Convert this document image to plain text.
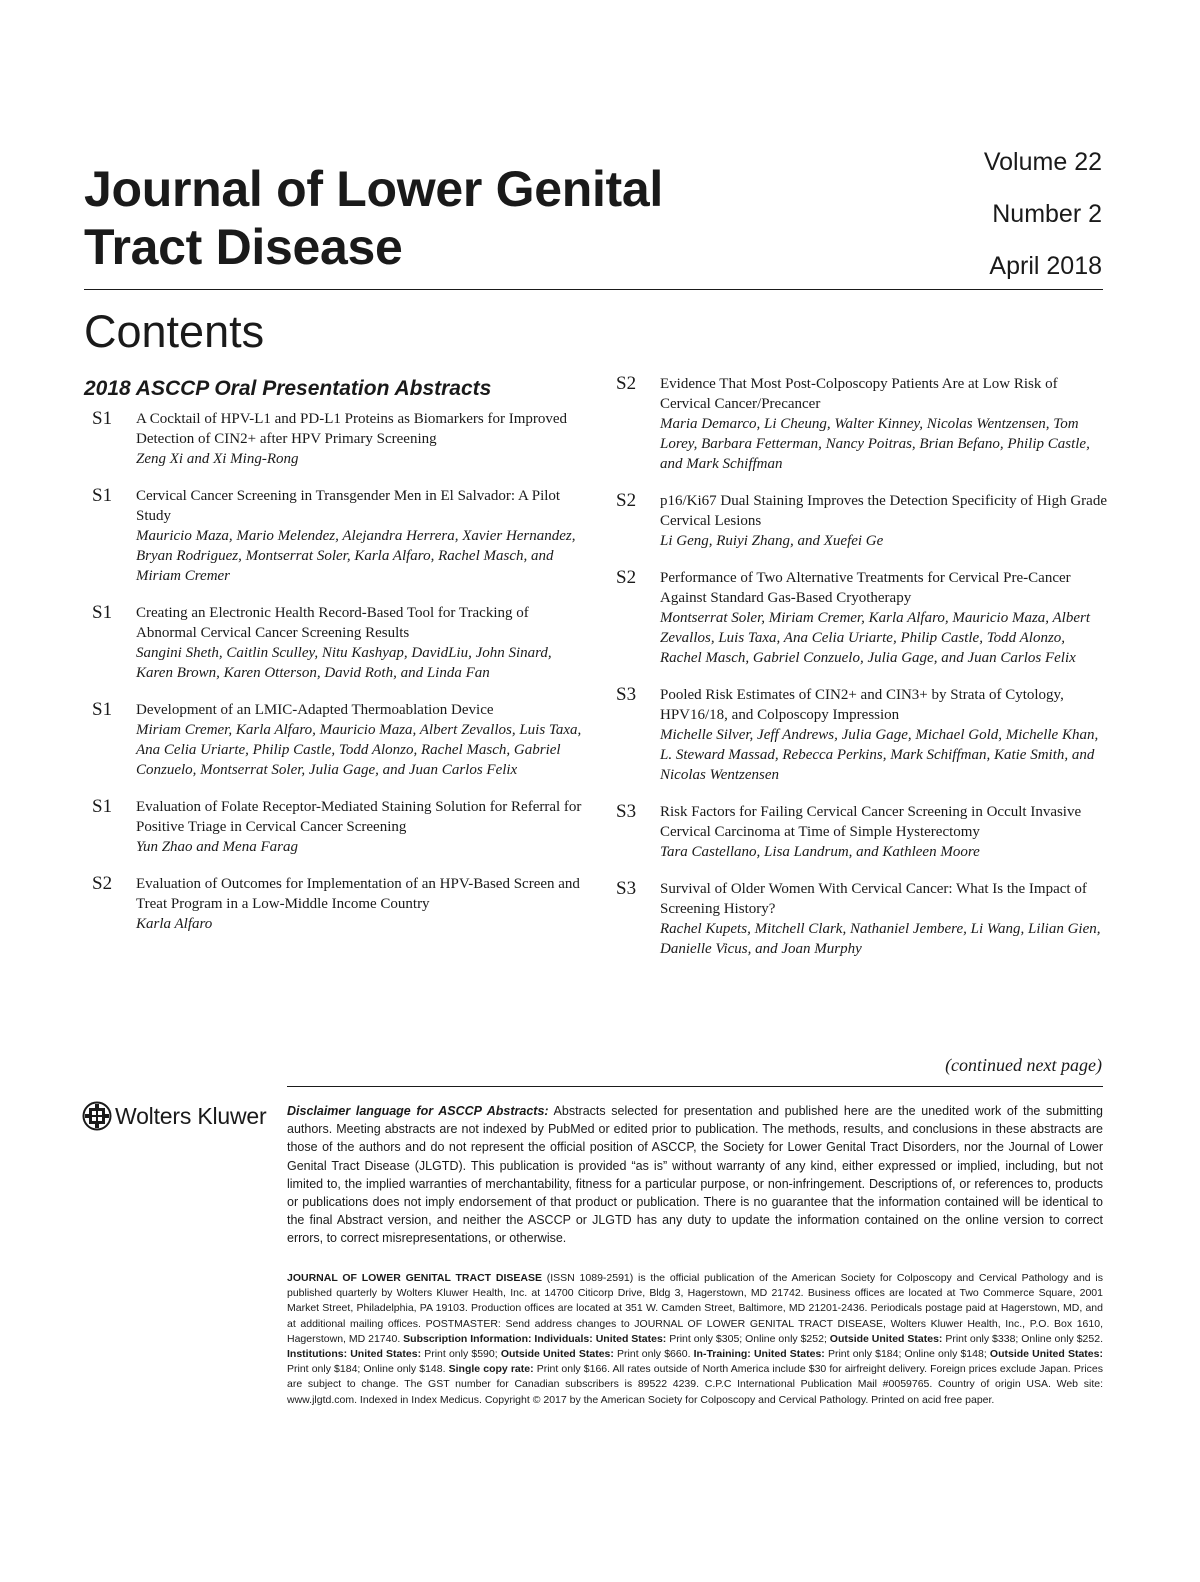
Journal of Lower Genital
Tract Disease
Volume 22
Number 2
April 2018
Contents
2018 ASCCP Oral Presentation Abstracts
S1 A Cocktail of HPV-L1 and PD-L1 Proteins as Biomarkers for Improved Detection of CIN2+ after HPV Primary Screening
Zeng Xi and Xi Ming-Rong
S1 Cervical Cancer Screening in Transgender Men in El Salvador: A Pilot Study
Mauricio Maza, Mario Melendez, Alejandra Herrera, Xavier Hernandez, Bryan Rodriguez, Montserrat Soler, Karla Alfaro, Rachel Masch, and Miriam Cremer
S1 Creating an Electronic Health Record-Based Tool for Tracking of Abnormal Cervical Cancer Screening Results
Sangini Sheth, Caitlin Sculley, Nitu Kashyap, DavidLiu, John Sinard, Karen Brown, Karen Otterson, David Roth, and Linda Fan
S1 Development of an LMIC-Adapted Thermoablation Device
Miriam Cremer, Karla Alfaro, Mauricio Maza, Albert Zevallos, Luis Taxa, Ana Celia Uriarte, Philip Castle, Todd Alonzo, Rachel Masch, Gabriel Conzuelo, Montserrat Soler, Julia Gage, and Juan Carlos Felix
S1 Evaluation of Folate Receptor-Mediated Staining Solution for Referral for Positive Triage in Cervical Cancer Screening
Yun Zhao and Mena Farag
S2 Evaluation of Outcomes for Implementation of an HPV-Based Screen and Treat Program in a Low-Middle Income Country
Karla Alfaro
S2 Evidence That Most Post-Colposcopy Patients Are at Low Risk of Cervical Cancer/Precancer
Maria Demarco, Li Cheung, Walter Kinney, Nicolas Wentzensen, Tom Lorey, Barbara Fetterman, Nancy Poitras, Brian Befano, Philip Castle, and Mark Schiffman
S2 p16/Ki67 Dual Staining Improves the Detection Specificity of High Grade Cervical Lesions
Li Geng, Ruiyi Zhang, and Xuefei Ge
S2 Performance of Two Alternative Treatments for Cervical Pre-Cancer Against Standard Gas-Based Cryotherapy
Montserrat Soler, Miriam Cremer, Karla Alfaro, Mauricio Maza, Albert Zevallos, Luis Taxa, Ana Celia Uriarte, Philip Castle, Todd Alonzo, Rachel Masch, Gabriel Conzuelo, Julia Gage, and Juan Carlos Felix
S3 Pooled Risk Estimates of CIN2+ and CIN3+ by Strata of Cytology, HPV16/18, and Colposcopy Impression
Michelle Silver, Jeff Andrews, Julia Gage, Michael Gold, Michelle Khan, L. Steward Massad, Rebecca Perkins, Mark Schiffman, Katie Smith, and Nicolas Wentzensen
S3 Risk Factors for Failing Cervical Cancer Screening in Occult Invasive Cervical Carcinoma at Time of Simple Hysterectomy
Tara Castellano, Lisa Landrum, and Kathleen Moore
S3 Survival of Older Women With Cervical Cancer: What Is the Impact of Screening History?
Rachel Kupets, Mitchell Clark, Nathaniel Jembere, Li Wang, Lilian Gien, Danielle Vicus, and Joan Murphy
(continued next page)
Wolters Kluwer Disclaimer language for ASCCP Abstracts: Abstracts selected for presentation and published here are the unedited work of the submitting authors. Meeting abstracts are not indexed by PubMed or edited prior to publication. The methods, results, and conclusions in these abstracts are those of the authors and do not represent the official position of ASCCP, the Society for Lower Genital Tract Disorders, nor the Journal of Lower Genital Tract Disease (JLGTD). This publication is provided “as is” without warranty of any kind, either expressed or implied, including, but not limited to, the implied warranties of merchantability, fitness for a particular purpose, or non-infringement. Descriptions of, or references to, products or publications does not imply endorsement of that product or publication. There is no guarantee that the information contained will be identical to the final Abstract version, and neither the ASCCP or JLGTD has any duty to update the information contained on the online version to correct errors, to correct misrepresentations, or otherwise.
JOURNAL OF LOWER GENITAL TRACT DISEASE (ISSN 1089-2591) is the official publication of the American Society for Colposcopy and Cervical Pathology and is published quarterly by Wolters Kluwer Health, Inc. at 14700 Citicorp Drive, Bldg 3, Hagerstown, MD 21742. Business offices are located at Two Commerce Square, 2001 Market Street, Philadelphia, PA 19103. Production offices are located at 351 W. Camden Street, Baltimore, MD 21201-2436. Periodicals postage paid at Hagerstown, MD, and at additional mailing offices. POSTMASTER: Send address changes to JOURNAL OF LOWER GENITAL TRACT DISEASE, Wolters Kluwer Health, Inc., P.O. Box 1610, Hagerstown, MD 21740. Subscription Information: Individuals: United States: Print only $305; Online only $252; Outside United States: Print only $338; Online only $252. Institutions: United States: Print only $590; Outside United States: Print only $660. In-Training: United States: Print only $184; Online only $148; Outside United States: Print only $184; Online only $148. Single copy rate: Print only $166. All rates outside of North America include $30 for airfreight delivery. Foreign prices exclude Japan. Prices are subject to change. The GST number for Canadian subscribers is 89522 4239. C.P.C International Publication Mail #0059765. Country of origin USA. Web site: www.jlgtd.com. Indexed in Index Medicus. Copyright © 2017 by the American Society for Colposcopy and Cervical Pathology. Printed on acid free paper.
